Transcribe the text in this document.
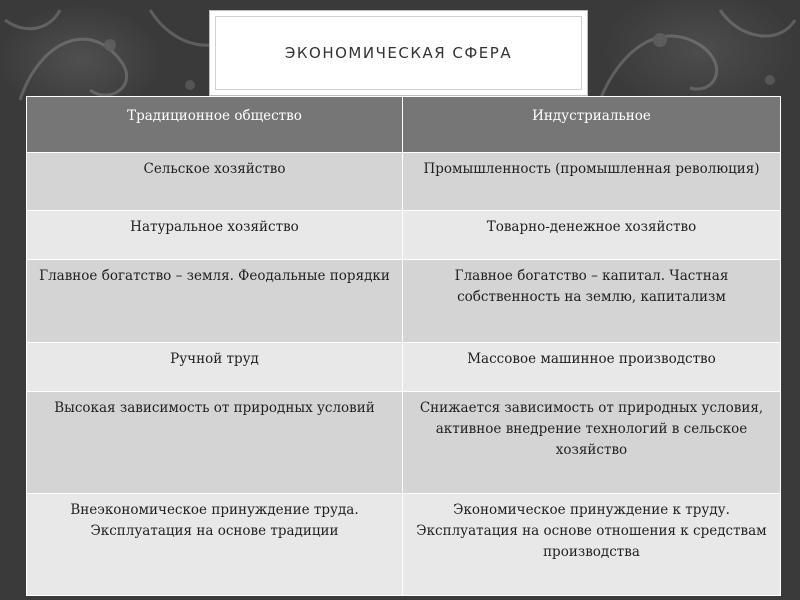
ЭКОНОМИЧЕСКАЯ СФЕРА
Традиционное общество	Индустриальное
Сельское хозяйство	Промышленность (промышленная революция)
Натуральное хозяйство	Товарно-денежное хозяйство
Главное богатство – земля. Феодальные порядки	Главное богатство – капитал. Частная собственность на землю, капитализм
Ручной труд	Массовое машинное производство
Высокая зависимость от природных условий	Снижается зависимость от природных условия, активное внедрение технологий в сельское хозяйство
Внеэкономическое принуждение труда. Эксплуатация на основе традиции	Экономическое принуждение к труду. Эксплуатация на основе отношения к средствам производства
